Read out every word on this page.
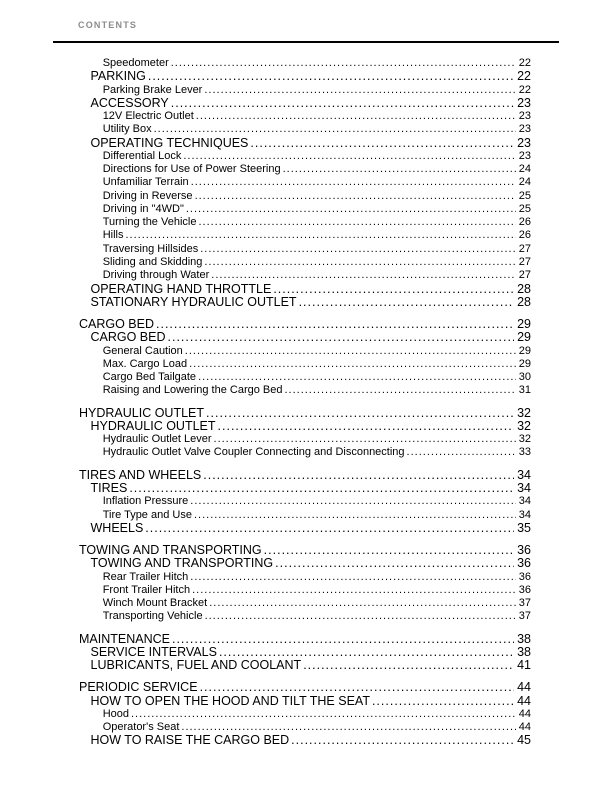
CONTENTS
Speedometer .....	22
PARKING .....	22
Parking Brake Lever .....	22
ACCESSORY .....	23
12V Electric Outlet .....	23
Utility Box .....	23
OPERATING TECHNIQUES .....	23
Differential Lock .....	23
Directions for Use of Power Steering .....	24
Unfamiliar Terrain .....	24
Driving in Reverse .....	25
Driving in "4WD" .....	25
Turning the Vehicle .....	26
Hills .....	26
Traversing Hillsides .....	27
Sliding and Skidding .....	27
Driving through Water .....	27
OPERATING HAND THROTTLE .....	28
STATIONARY HYDRAULIC OUTLET .....	28
CARGO BED .....	29
CARGO BED .....	29
General Caution .....	29
Max. Cargo Load .....	29
Cargo Bed Tailgate .....	30
Raising and Lowering the Cargo Bed .....	31
HYDRAULIC OUTLET .....	32
HYDRAULIC OUTLET .....	32
Hydraulic Outlet Lever .....	32
Hydraulic Outlet Valve Coupler Connecting and Disconnecting .....	33
TIRES AND WHEELS .....	34
TIRES .....	34
Inflation Pressure .....	34
Tire Type and Use .....	34
WHEELS .....	35
TOWING AND TRANSPORTING .....	36
TOWING AND TRANSPORTING .....	36
Rear Trailer Hitch .....	36
Front Trailer Hitch .....	36
Winch Mount Bracket .....	37
Transporting Vehicle .....	37
MAINTENANCE .....	38
SERVICE INTERVALS .....	38
LUBRICANTS, FUEL AND COOLANT .....	41
PERIODIC SERVICE .....	44
HOW TO OPEN THE HOOD AND TILT THE SEAT .....	44
Hood .....	44
Operator's Seat .....	44
HOW TO RAISE THE CARGO BED .....	45
